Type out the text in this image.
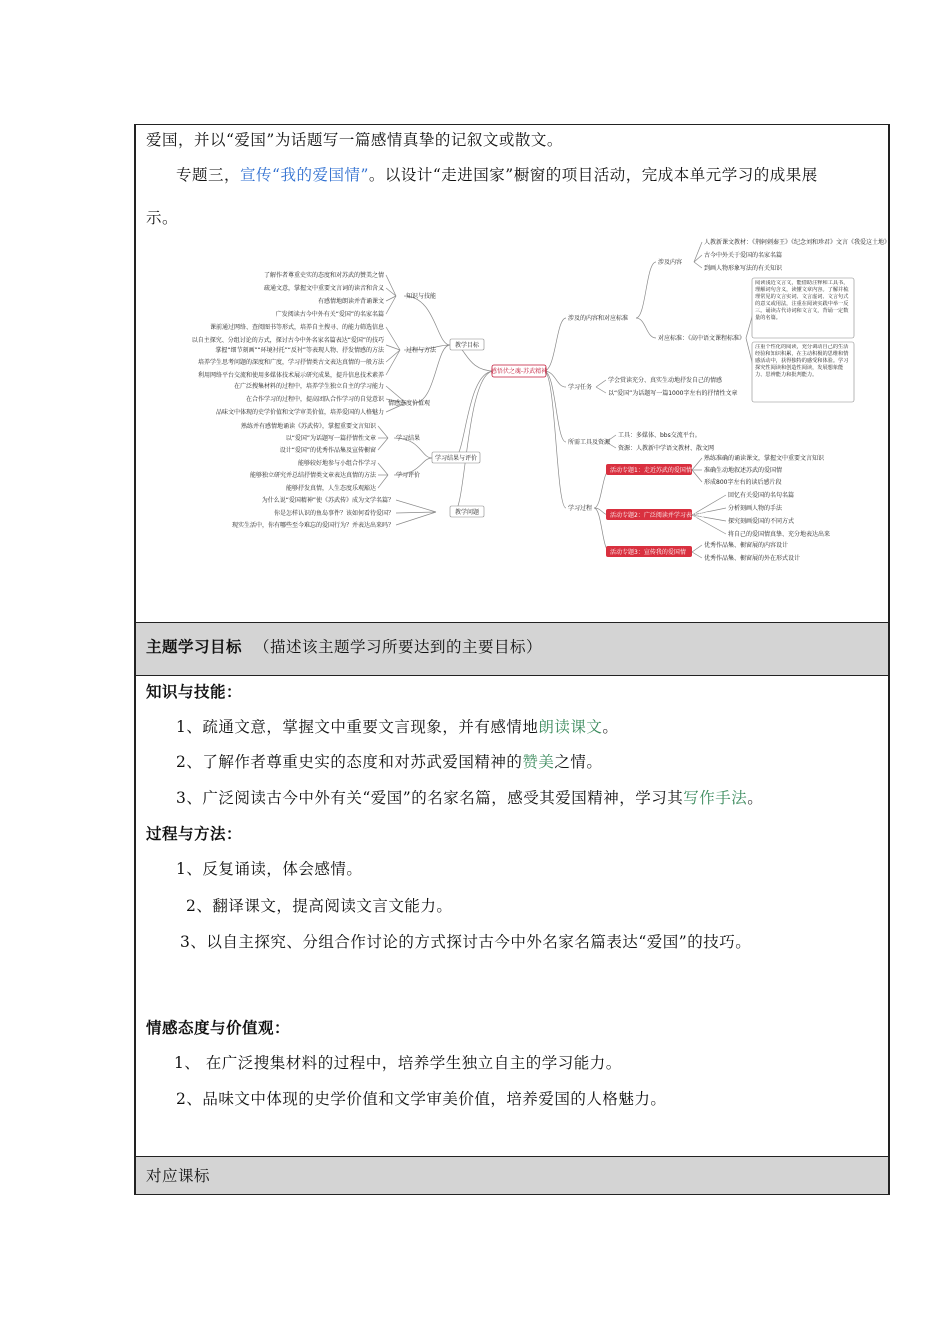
爱国，并以“爱国”为话题写一篇感情真挚的记叙文或散文。
专题三，宣传“我的爱国情”。以设计“走进国家”橱窗的项目活动，完成本单元学习的成果展
示。
感悟伏之魂-苏武精神
教学目标
学习结果与评价
教学问题
知识与技能
过程与方法
情感态度价值观
了解作者尊重史实的态度和对苏武的赞美之情
疏通文意，掌握文中重要文言词的读音和含义
有感情地朗读并背诵课文
广发阅读古今中外有关“爱国”的名家名篇
课前通过网络、查阅图书等形式，培养自主搜寻、的能力筛选信息
以自主探究、分组讨论的方式，探讨古今中外名家名篇表达“爱国”的技巧
掌握“细节刻画”“环境衬托”“反衬”等表现人物、抒发情感的方法
培养学生思考问题的深度和广度，学习抒情类古文表达真情的一般方法
利用网络平台交流和使用多媒体技术展示研究成果，提升信息技术素养
在广泛搜集材料的过程中，培养学生独立自主的学习能力
在合作学习的过程中，提高团队合作学习的自觉意识
品味文中体现的史学价值和文学审美价值，培养爱国的人格魅力
学习结果
学习评价
熟练并有感情地诵读《苏武传》，掌握重要文言知识
以“爱国”为话题写一篇抒情性文章
设计“爱国”的优秀作品集及宣传橱窗
能够较好地参与小组合作学习
能够独立研究并总结抒情类文章表达真情的方法
能够抒发真情，人生态度乐观豁达
为什么说“爱国精神”使《苏武传》成为文学名篇？
你是怎样认识的鱼岛事件？该如何看待爱国？
现实生活中，你有哪些至今难忘的爱国行为？并表达出来吗？
涉及的内容和对应标准
学习任务
所需工具及资源
学习过程
涉及内容
对应标准：《高中语文课程标准》
人教新课文教材：《荆轲刺秦王》《纪念刘和珍君》文言《我爱这土地》
古今中外关于爱国的名家名篇
到画人物形象写法的有关知识
阅读浅近文言文，能借助注释和工具书，理解词句含义，读懂文章内容。了解并梳理常见的文言实词、文言虚词、文言句式的意义或用法，注重在阅读实践中举一反三。诵读古代诗词和文言文，背诵一定数量的名篇。
注重个性化的阅读，充分调动自己的生活经验和知识积累，在主动积极的思维和情感活动中，获得独特的感受和体验。学习探究性阅读和创造性阅读，发展想象能力、思辨能力和批判能力。
学会赏读充分、真实生动地抒发自己的情感
以“爱国”为话题写一篇1000字左右的抒情性文章
工具：多媒体、bbs交流平台。
资源：人教新中学语文教材、散文网
活动专题1：走近苏武的爱国情
活动专题2：广泛阅读并学习表达技巧
活动专题3：宣传我的爱国情
熟练准确的诵读课文，掌握文中重要文言知识
准确生动地叙述苏武的爱国情
形成800字左右的读后感片段
回忆有关爱国的名句名篇
分析刻画人物的手法
探究刻画爱国的不同方式
将自己的爱国情真挚、充分地表达出来
优秀作品集、橱窗展的内容设计
优秀作品集、橱窗展的外在形式设计
主题学习目标 （描述该主题学习所要达到的主要目标）
知识与技能：
1、疏通文意，掌握文中重要文言现象，并有感情地朗读课文。
2、了解作者尊重史实的态度和对苏武爱国精神的赞美之情。
3、广泛阅读古今中外有关“爱国”的名家名篇，感受其爱国精神，学习其写作手法。
过程与方法：
1、反复诵读，体会感情。
2、翻译课文，提高阅读文言文能力。
3、以自主探究、分组合作讨论的方式探讨古今中外名家名篇表达“爱国”的技巧。
情感态度与价值观：
1、 在广泛搜集材料的过程中，培养学生独立自主的学习能力。
2、品味文中体现的史学价值和文学审美价值，培养爱国的人格魅力。
对应课标
